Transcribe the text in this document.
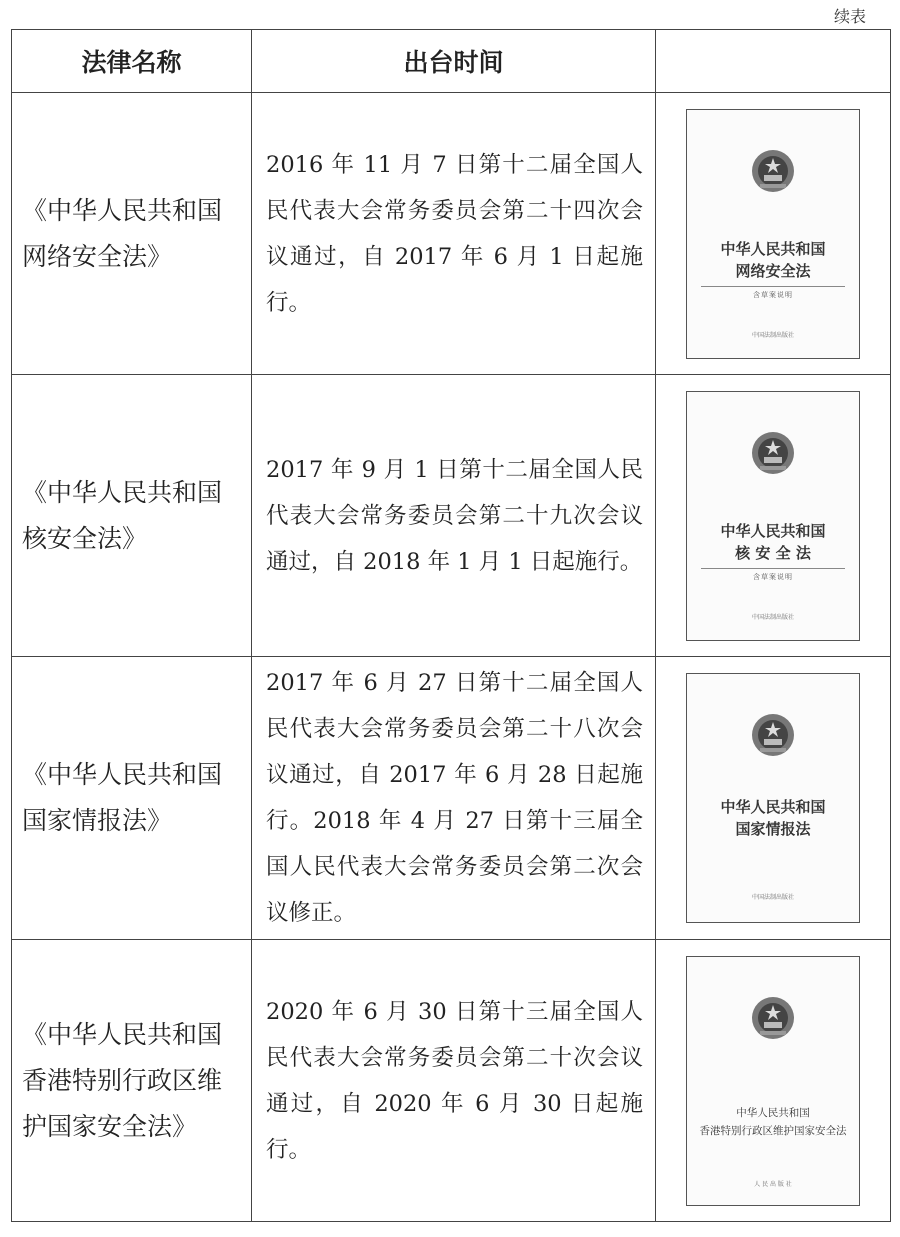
续表
法律名称	出台时间	
《中华人民共和国网络安全法》	2016 年 11 月 7 日第十二届全国人民代表大会常务委员会第二十四次会议通过，自 2017 年 6 月 1 日起施行。	中华人民共和国
网络安全法
含草案说明
中国法制出版社

《中华人民共和国核安全法》	2017 年 9 月 1 日第十二届全国人民代表大会常务委员会第二十九次会议通过，自 2018 年 1 月 1 日起施行。	中华人民共和国
核 安 全 法
含草案说明
中国法制出版社

《中华人民共和国国家情报法》	2017 年 6 月 27 日第十二届全国人民代表大会常务委员会第二十八次会议通过，自 2017 年 6 月 28 日起施行。2018 年 4 月 27 日第十三届全国人民代表大会常务委员会第二次会议修正。	中华人民共和国
国家情报法
中国法制出版社

《中华人民共和国香港特别行政区维护国家安全法》	2020 年 6 月 30 日第十三届全国人民代表大会常务委员会第二十次会议通过，自 2020 年 6 月 30 日起施行。	中华人民共和国
香港特别行政区维护国家安全法
人 民 出 版 社
